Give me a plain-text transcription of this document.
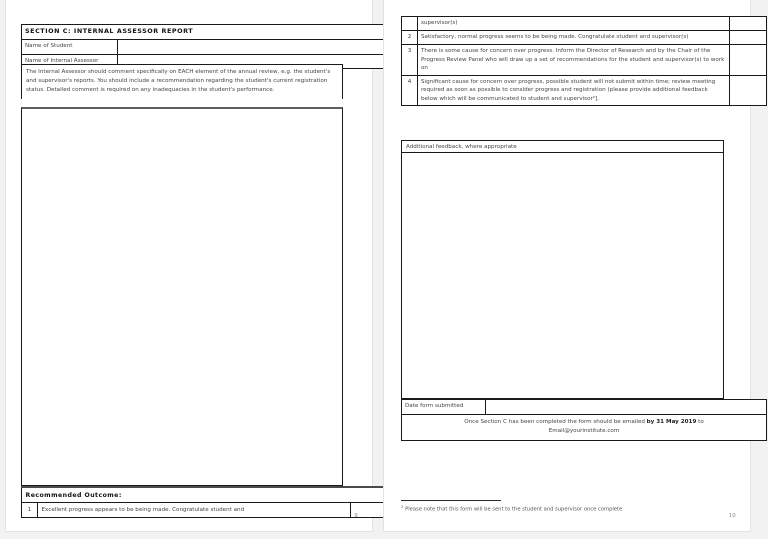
SECTION C: INTERNAL ASSESSOR REPORT	
Name of Student	
Name of Internal Assessor	
The Internal Assessor should comment specifically on EACH element of the annual review, e.g. the student's and supervisor's reports. You should include a recommendation regarding the student's current registration status. Detailed comment is required on any inadequacies in the student's performance.
Recommended Outcome:
1	Excellent progress appears to be being made. Congratulate student and	
9
	supervisor(s)	
2	Satisfactory, normal progress seems to be being made. Congratulate student and supervisor(s)	
3	There is some cause for concern over progress. Inform the Director of Research and by the Chair of the Progress Review Panel who will draw up a set of recommendations for the student and supervisor(s) to work on	
4	Significant cause for concern over progress, possible student will not submit within time; review meeting required as soon as possible to consider progress and registration (please provide additional feedback below which will be communicated to student and supervisor²].	
Additional feedback, where appropriate
Date form submitted	
Once Section C has been completed the form should be emailed by 31 May 2019 to
Email@yourinstitute.com
$^2$ Please note that this form will be sent to the student and supervisor once complete
10
